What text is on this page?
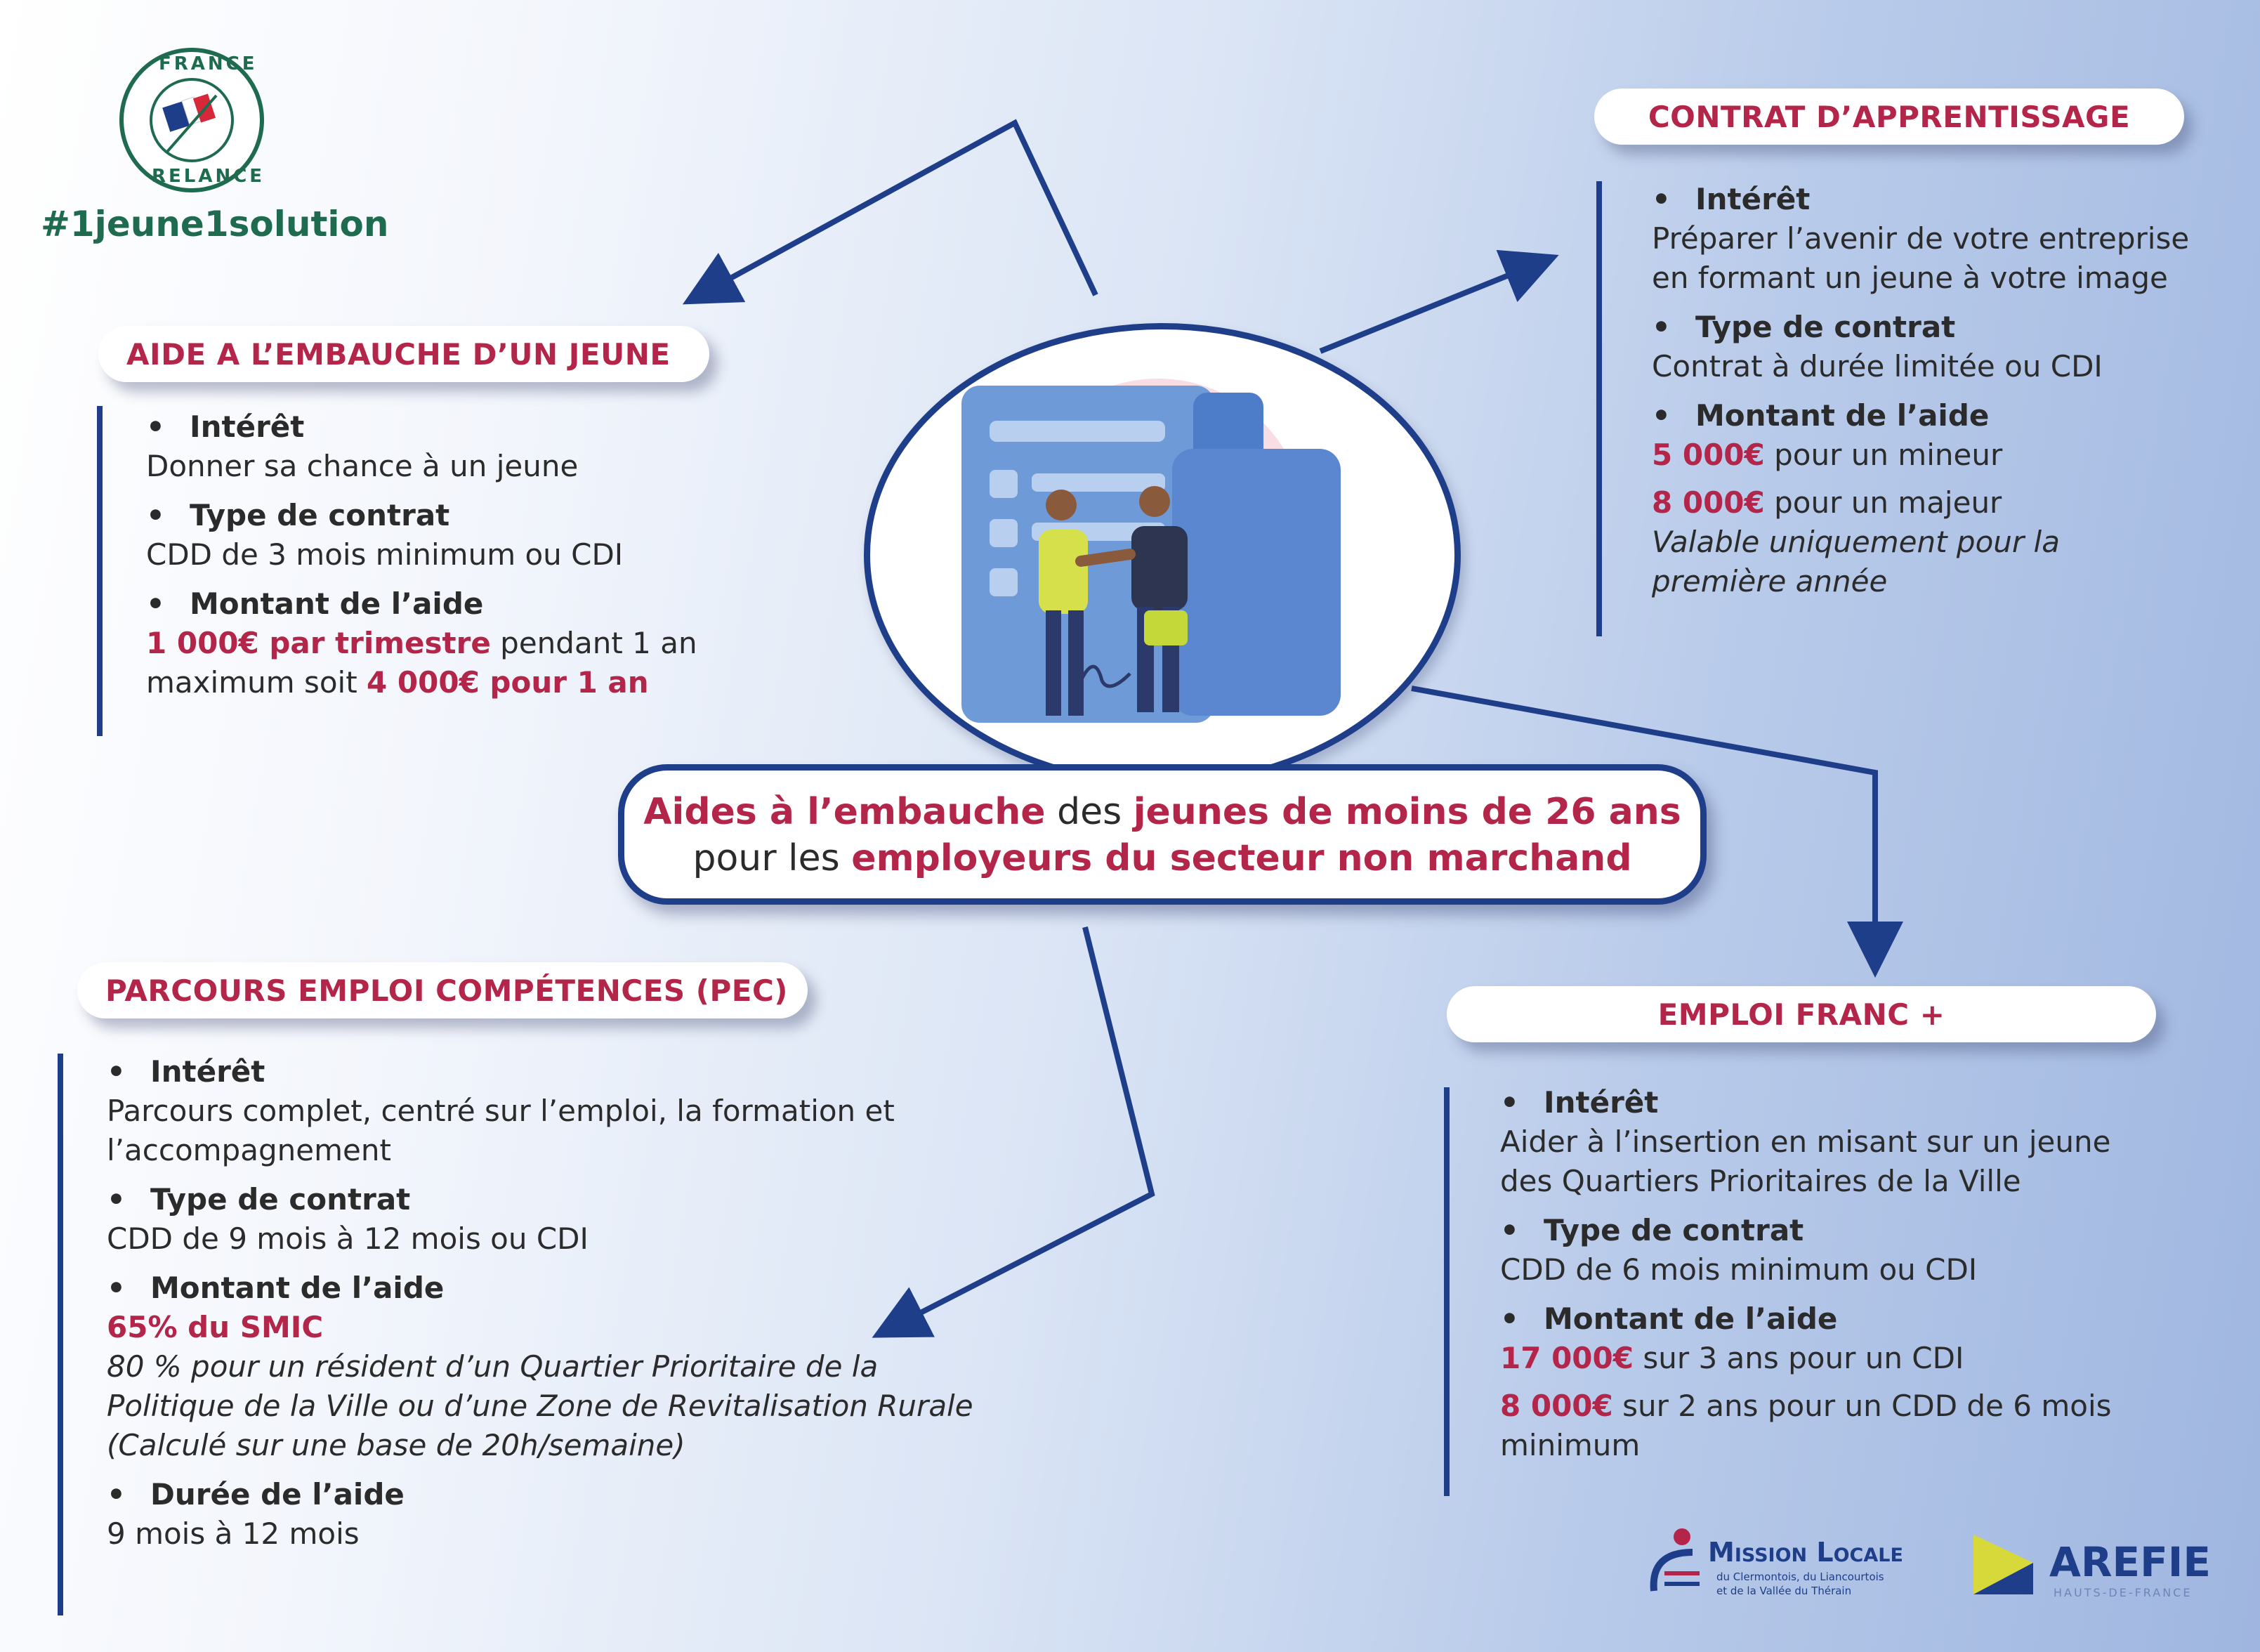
FRANCE
RELANCE
#1jeune1solution
Aides à l’embauche des jeunes de moins de 26 ans
pour les employeurs du secteur non marchand
AIDE A L’EMBAUCHE D’UN JEUNE
• Intérêt

Donner sa chance à un jeune

• Type de contrat

CDD de 3 mois minimum ou CDI

• Montant de l’aide

1 000€ par trimestre pendant 1 an

maximum soit 4 000€ pour 1 an

CONTRAT D’APPRENTISSAGE
• Intérêt

Préparer l’avenir de votre entreprise

en formant un jeune à votre image

• Type de contrat

Contrat à durée limitée ou CDI

• Montant de l’aide

5 000€ pour un mineur

8 000€ pour un majeur

Valable uniquement pour la

première année

PARCOURS EMPLOI COMPÉTENCES (PEC)
• Intérêt

Parcours complet, centré sur l’emploi, la formation et

l’accompagnement

• Type de contrat

CDD de 9 mois à 12 mois ou CDI

• Montant de l’aide

65% du SMIC

80 % pour un résident d’un Quartier Prioritaire de la

Politique de la Ville ou d’une Zone de Revitalisation Rurale

(Calculé sur une base de 20h/semaine)

• Durée de l’aide

9 mois à 12 mois

EMPLOI FRANC +
• Intérêt

Aider à l’insertion en misant sur un jeune

des Quartiers Prioritaires de la Ville

• Type de contrat

CDD de 6 mois minimum ou CDI

• Montant de l’aide

17 000€ sur 3 ans pour un CDI

8 000€ sur 2 ans pour un CDD de 6 mois

minimum

Mission Locale
du Clermontois, du Liancourtois
et de la Vallée du Thérain
AREFIE
HAUTS-DE-FRANCE
